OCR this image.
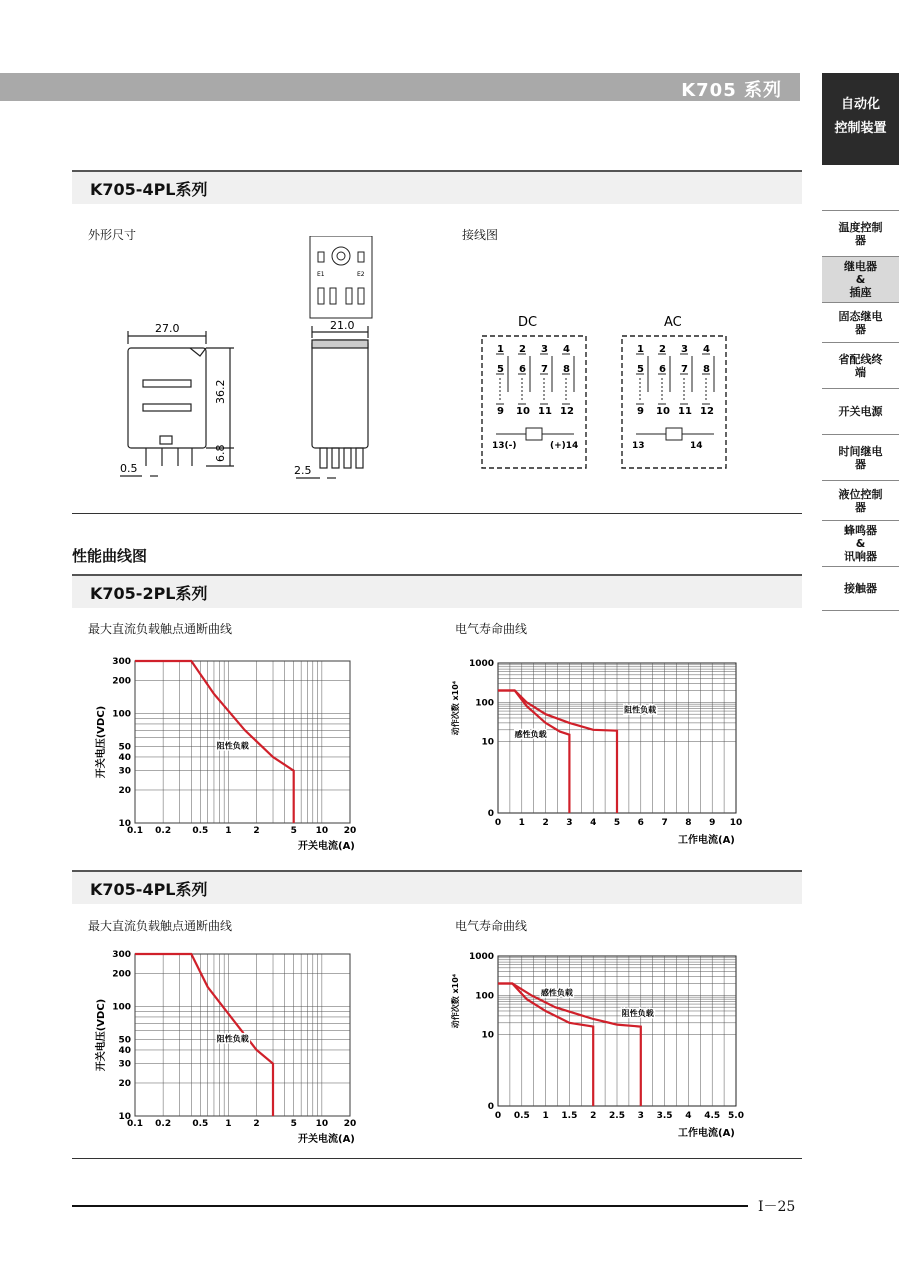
K705 系列
自动化
控制装置
温度控制
器
继电器
&
插座
固态继电
器
省配线终
端
开关电源
时间继电
器
液位控制
器
蜂鸣器
&
讯响器
接触器
K705-4PL系列
外形尺寸	接线图
27.0
36.2
6.8
0.5
21.0
2.5
E1	E2
DC	AC
1
5
9
2
6
10
3
7
11
4
8
12
13(-)	(+)14
1
5
9
2
6
10
3
7
11
4
8
12
13	14
性能曲线图
K705-2PL系列
最大直流负载触点通断曲线	电气寿命曲线
0.1 0.2 0.5 1 2	5 10 20
10
20
30
40
50
100
200
300
开关电压(VDC)
开关电流(A)
阻性负载
0 1 2 3 4 5 6 7 8 9 10
0
10
100
1000
动作次数 x10⁴
工作电流(A)
阻性负载
感性负载
K705-4PL系列
最大直流负载触点通断曲线	电气寿命曲线
0.1 0.2 0.5 1 2	5 10 20
10
20
30
40
50
100
200
300
开关电压(VDC)
开关电流(A)
阻性负载
0 0.5 1 1.5 2 2.5 3 3.5 4 4.5 5.0
0
10
100
1000
动作次数 x10⁴
工作电流(A)
感性负载
阻性负载
I－25
